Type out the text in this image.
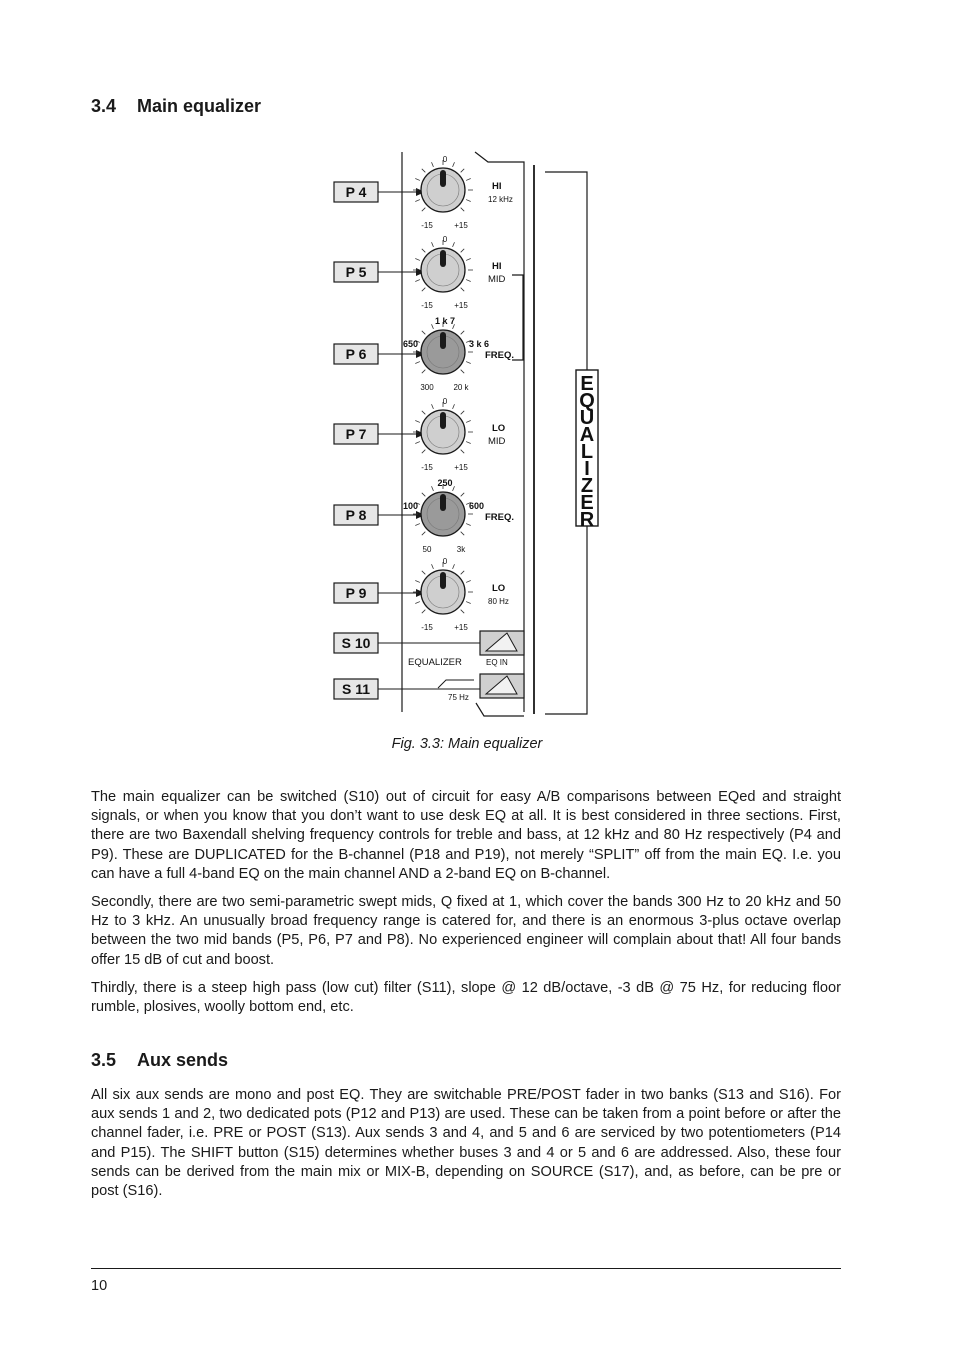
3.4 Main equalizer
P 4
P 5
P 6
P 7
P 8
P 9
S 10
S 11
0
-15	+15
HI
12 kHz
0
-15	+15
HI
MID
1 k 7
300 20 k
650	3 k 6
FREQ.
0
-15	+15
LO
MID
250
50	3k
100	600
FREQ.
0
-15	+15
LO
80 Hz
EQUALIZER	EQ IN
75 Hz
E Q U A L I Z E R
Fig. 3.3: Main equalizer

The main equalizer can be switched (S10) out of circuit for easy A/B comparisons between EQed and straight signals, or when you know that you don’t want to use desk EQ at all. It is best considered in three sections. First, there are two Baxendall shelving frequency controls for treble and bass, at 12 kHz and 80 Hz respectively (P4 and P9). These are DUPLICATED for the B-channel (P18 and P19), not merely “SPLIT” off from the main EQ. I.e. you can have a full 4-band EQ on the main channel AND a 2-band EQ on B-channel.

Secondly, there are two semi-parametric swept mids, Q fixed at 1, which cover the bands 300 Hz to 20 kHz and 50 Hz to 3 kHz. An unusually broad frequency range is catered for, and there is an enormous 3-plus octave overlap between the two mid bands (P5, P6, P7 and P8). No experienced engineer will complain about that! All four bands offer 15 dB of cut and boost.

Thirdly, there is a steep high pass (low cut) filter (S11), slope @ 12 dB/octave, -3 dB @ 75 Hz, for reducing floor rumble, plosives, woolly bottom end, etc.

3.5 Aux sends

All six aux sends are mono and post EQ. They are switchable PRE/POST fader in two banks (S13 and S16). For aux sends 1 and 2, two dedicated pots (P12 and P13) are used. These can be taken from a point before or after the channel fader, i.e. PRE or POST (S13). Aux sends 3 and 4, and 5 and 6 are serviced by two potentiometers (P14 and P15). The SHIFT button (S15) determines whether buses 3 and 4 or 5 and 6 are addressed. Also, these four sends can be derived from the main mix or MIX-B, depending on SOURCE (S17), and, as before, can be pre or post (S16).

10
